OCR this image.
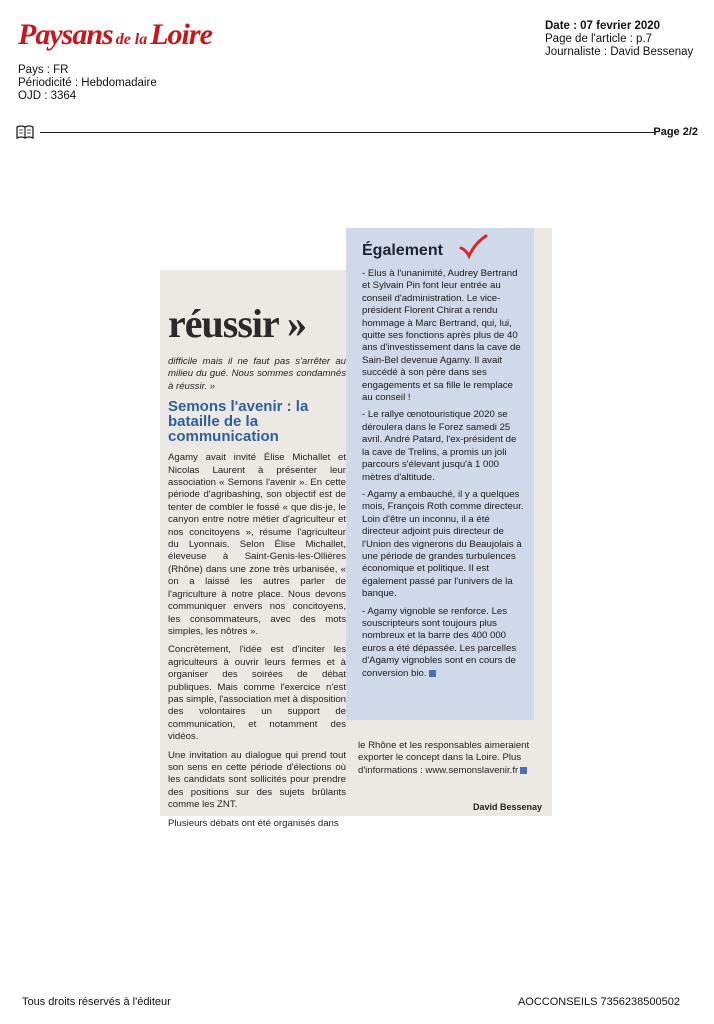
Paysans de la Loire
Pays : FR
Périodicité : Hebdomadaire
OJD : 3364
Date : 07 fevrier 2020
Page de l'article : p.7
Journaliste : David Bessenay
Page 2/2
réussir »

difficile mais il ne faut pas s'arrêter au milieu du gué. Nous sommes condamnés à réussir. »

Semons l'avenir : la bataille de la communication

Agamy avait invité Élise Michallet et Nicolas Laurent à présenter leur association « Semons l'avenir ». En cette période d'agribashing, son objectif est de tenter de combler le fossé « que dis-je, le canyon entre notre métier d'agriculteur et nos concitoyens », résume l'agriculteur du Lyonnais. Selon Élise Michallet, éleveuse à Saint-Genis-les-Ollières (Rhône) dans une zone très urbanisée, « on a laissé les autres parler de l'agriculture à notre place. Nous devons communiquer envers nos concitoyens, les consommateurs, avec des mots simples, les nôtres ».

Concrètement, l'idée est d'inciter les agriculteurs à ouvrir leurs fermes et à organiser des soirées de débat publiques. Mais comme l'exercice n'est pas simple, l'association met à disposition des volontaires un support de communication, et notamment des vidéos.

Une invitation au dialogue qui prend tout son sens en cette période d'élections où les candidats sont sollicités pour prendre des positions sur des sujets brûlants comme les ZNT.

Plusieurs débats ont été organisés dans

Également

- Elus à l'unanimité, Audrey Bertrand et Sylvain Pin font leur entrée au conseil d'administration. Le vice-président Florent Chirat a rendu hommage à Marc Bertrand, qui, lui, quitte ses fonctions après plus de 40 ans d'investissement dans la cave de Sain-Bel devenue Agamy. Il avait succédé à son père dans ses engagements et sa fille le remplace au conseil !

- Le rallye œnotouristique 2020 se déroulera dans le Forez samedi 25 avril. André Patard, l'ex-président de la cave de Trelins, a promis un joli parcours s'élevant jusqu'à 1 000 mètres d'altitude.

- Agamy a embauché, il y a quelques mois, François Roth comme directeur. Loin d'être un inconnu, il a été directeur adjoint puis directeur de l'Union des vignerons du Beaujolais à une période de grandes turbulences économique et politique. Il est également passé par l'univers de la banque.

- Agamy vignoble se renforce. Les souscripteurs sont toujours plus nombreux et la barre des 400 000 euros a été dépassée. Les parcelles d'Agamy vignobles sont en cours de conversion bio.

le Rhône et les responsables aimeraient exporter le concept dans la Loire. Plus d'informations : www.semonslavenir.fr

David Bessenay
Tous droits réservés à l'éditeur	AOCCONSEILS 7356238500502
